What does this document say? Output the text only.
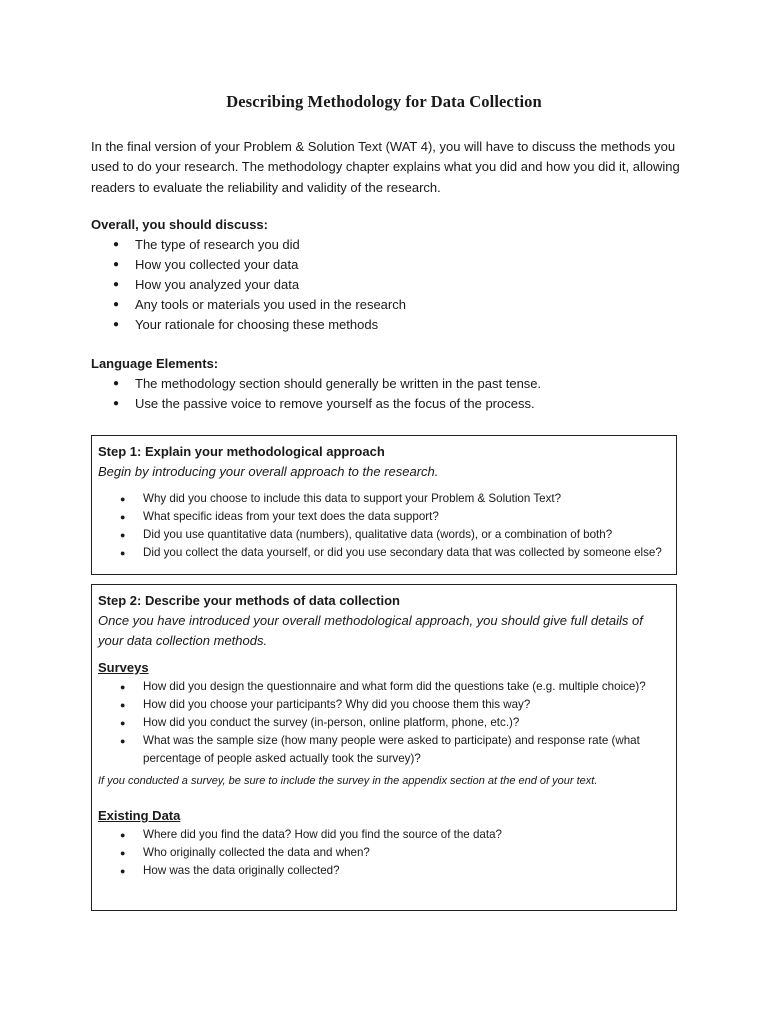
Describing Methodology for Data Collection

In the final version of your Problem & Solution Text (WAT 4), you will have to discuss the methods you used to do your research. The methodology chapter explains what you did and how you did it, allowing readers to evaluate the reliability and validity of the research.

Overall, you should discuss:
● The type of research you did
● How you collected your data
● How you analyzed your data
● Any tools or materials you used in the research
● Your rationale for choosing these methods
Language Elements:
● The methodology section should generally be written in the past tense.
● Use the passive voice to remove yourself as the focus of the process.
Step 1: Explain your methodological approach
Begin by introducing your overall approach to the research.
● Why did you choose to include this data to support your Problem & Solution Text?
● What specific ideas from your text does the data support?
● Did you use quantitative data (numbers), qualitative data (words), or a combination of both?
● Did you collect the data yourself, or did you use secondary data that was collected by someone else?
Step 2: Describe your methods of data collection
Once you have introduced your overall methodological approach, you should give full details of your data collection methods.
Surveys
● How did you design the questionnaire and what form did the questions take (e.g. multiple choice)?
● How did you choose your participants? Why did you choose them this way?
● How did you conduct the survey (in-person, online platform, phone, etc.)?
● What was the sample size (how many people were asked to participate) and response rate (what percentage of people asked actually took the survey)?
If you conducted a survey, be sure to include the survey in the appendix section at the end of your text.
Existing Data
● Where did you find the data? How did you find the source of the data?
● Who originally collected the data and when?
● How was the data originally collected?
